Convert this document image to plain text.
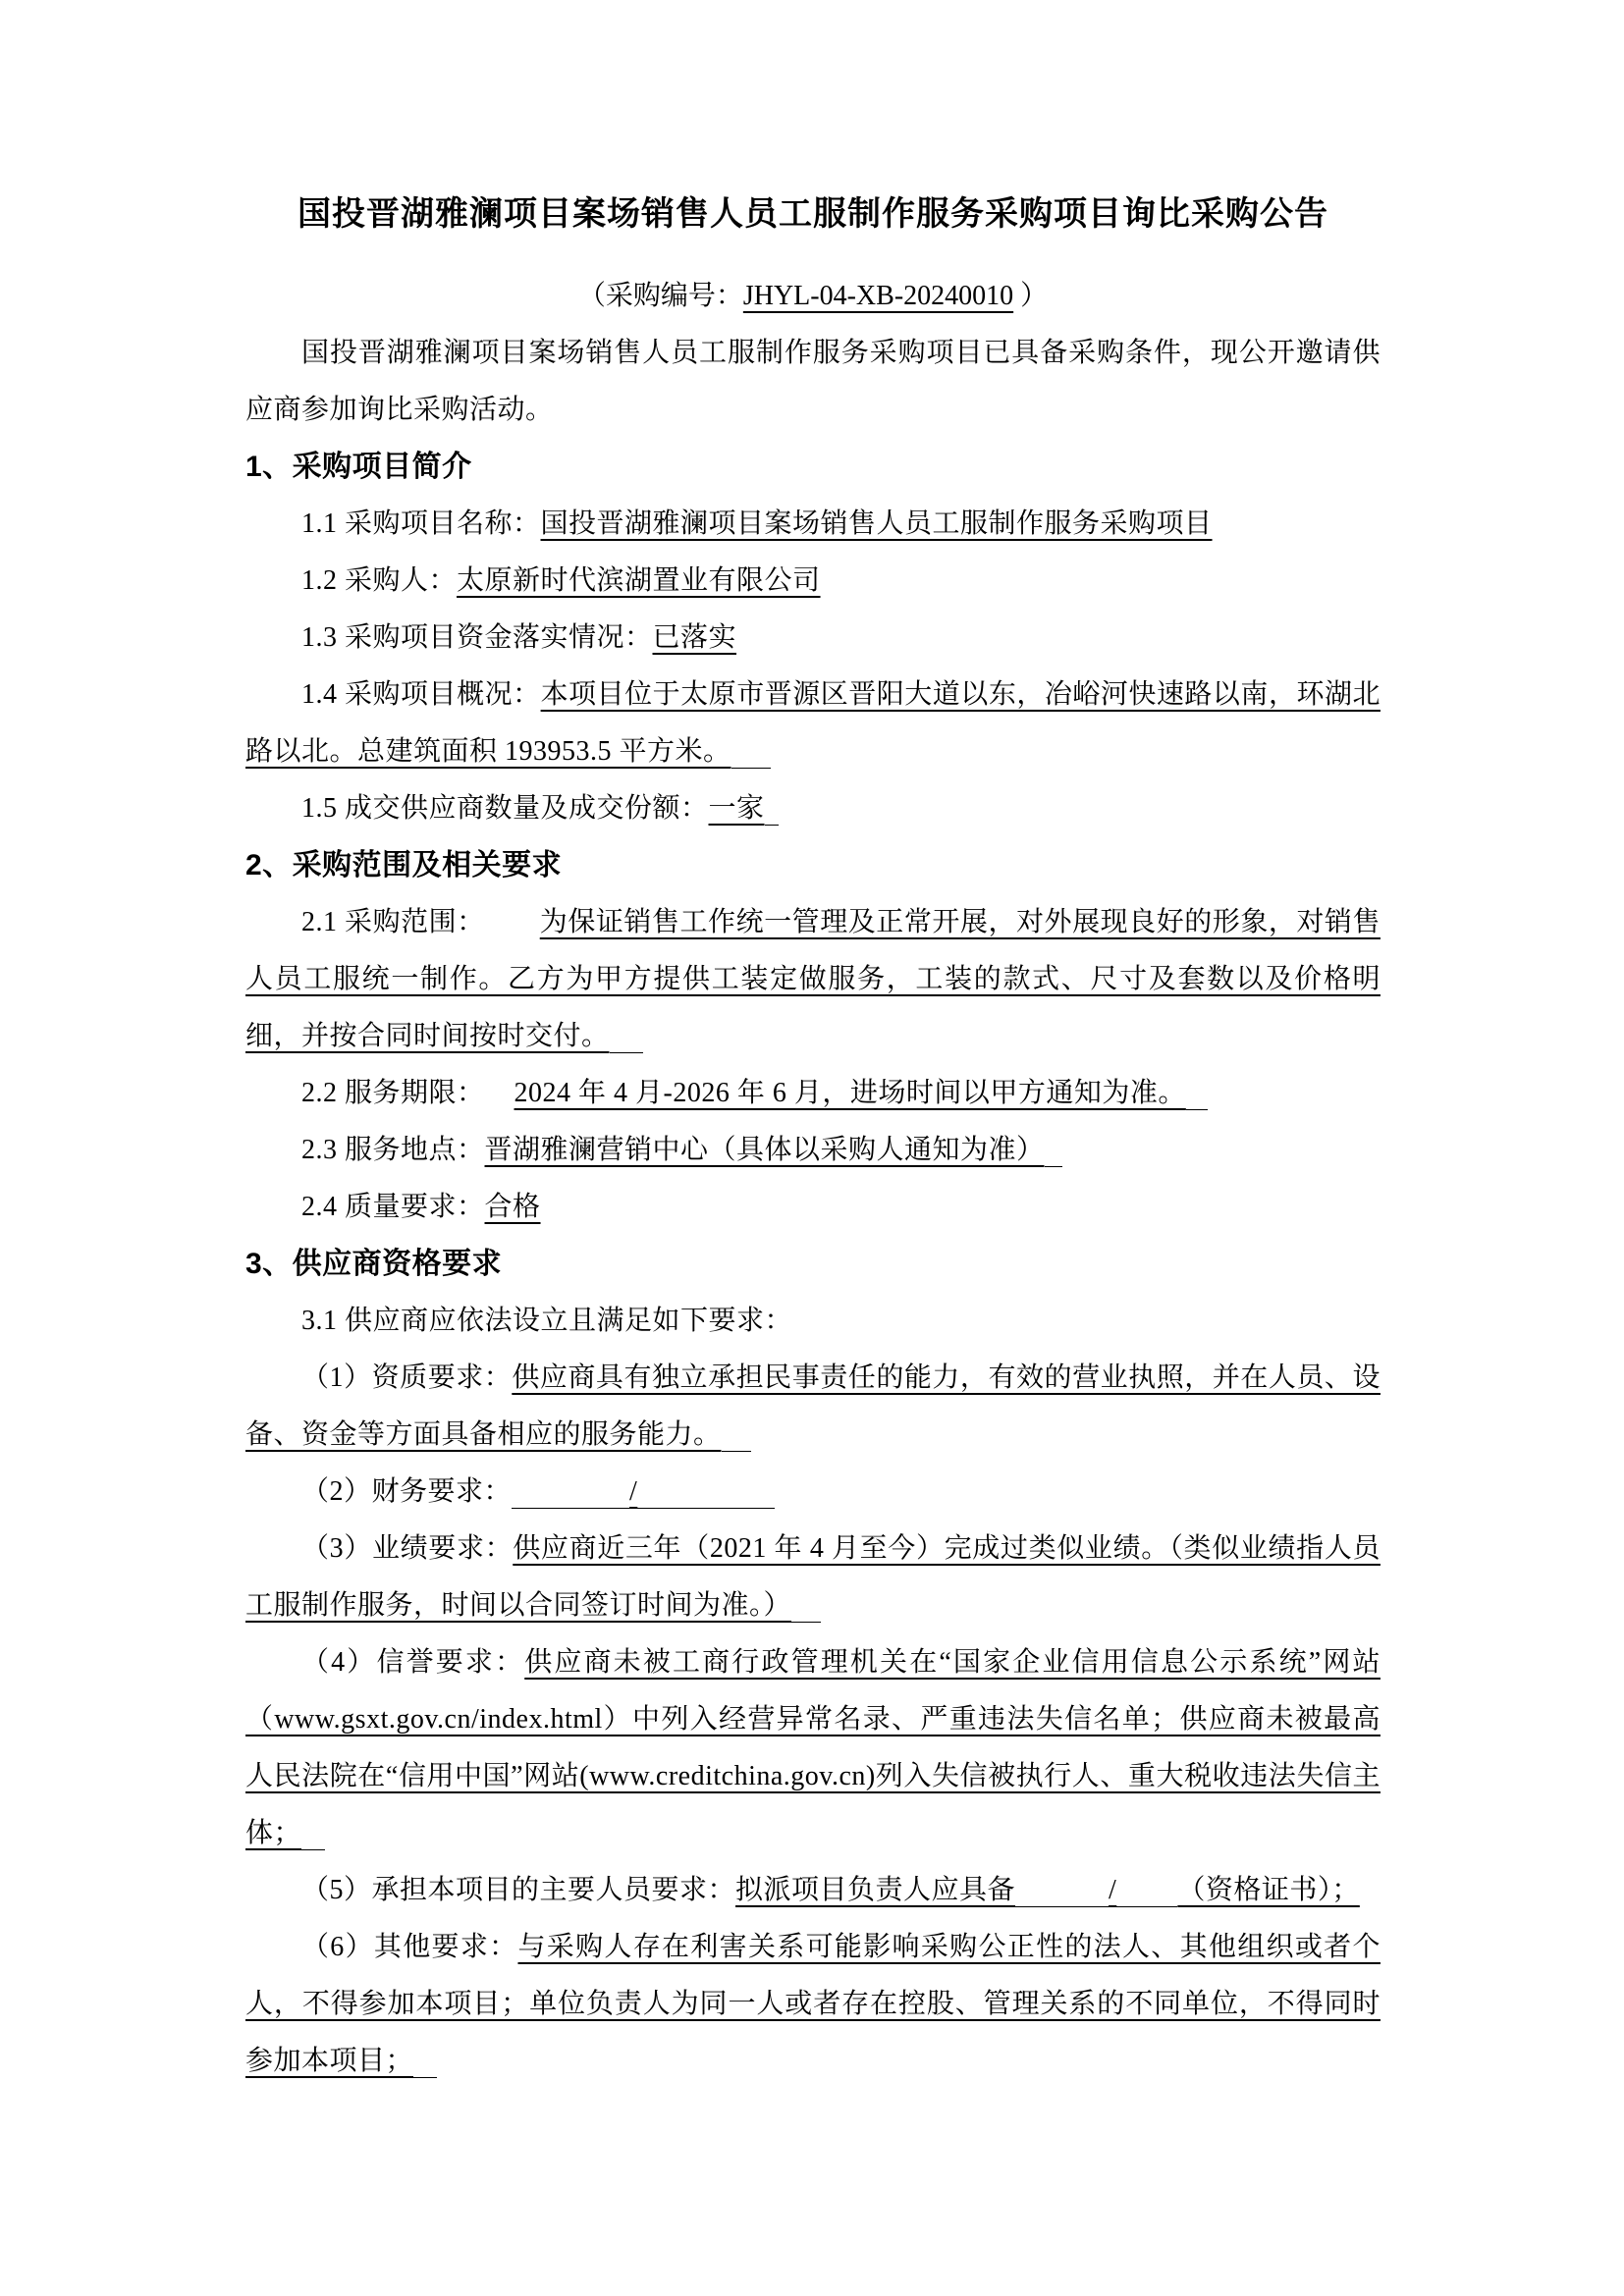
国投晋湖雅澜项目案场销售人员工服制作服务采购项目询比采购公告

（采购编号：JHYL-04-XB-20240010 ）

国投晋湖雅澜项目案场销售人员工服制作服务采购项目已具备采购条件，现公开邀请供应商参加询比采购活动。

1、采购项目简介

1.1 采购项目名称：国投晋湖雅澜项目案场销售人员工服制作服务采购项目

1.2 采购人：太原新时代滨湖置业有限公司

1.3 采购项目资金落实情况：已落实

1.4 采购项目概况：本项目位于太原市晋源区晋阳大道以东，冶峪河快速路以南，环湖北路以北。总建筑面积 193953.5 平方米。

1.5 成交供应商数量及成交份额：一家

2、采购范围及相关要求

2.1 采购范围： 为保证销售工作统一管理及正常开展，对外展现良好的形象，对销售人员工服统一制作。乙方为甲方提供工装定做服务，工装的款式、尺寸及套数以及价格明细，并按合同时间按时交付。

2.2 服务期限： 2024 年 4 月-2026 年 6 月，进场时间以甲方通知为准。

2.3 服务地点：晋湖雅澜营销中心（具体以采购人通知为准）

2.4 质量要求：合格

3、供应商资格要求

3.1 供应商应依法设立且满足如下要求：

（1）资质要求：供应商具有独立承担民事责任的能力，有效的营业执照，并在人员、设备、资金等方面具备相应的服务能力。

（2）财务要求：	/

（3）业绩要求：供应商近三年（2021 年 4 月至今）完成过类似业绩。（类似业绩指人员工服制作服务，时间以合同签订时间为准。）

（4）信誉要求：供应商未被工商行政管理机关在“国家企业信用信息公示系统”网站（www.gsxt.gov.cn/index.html）中列入经营异常名录、严重违法失信名单；供应商未被最高人民法院在“信用中国”网站(www.creditchina.gov.cn)列入失信被执行人、重大税收违法失信主体；

（5）承担本项目的主要人员要求：拟派项目负责人应具备	/ （资格证书）；

（6）其他要求：与采购人存在利害关系可能影响采购公正性的法人、其他组织或者个人，不得参加本项目；单位负责人为同一人或者存在控股、管理关系的不同单位，不得同时参加本项目；
